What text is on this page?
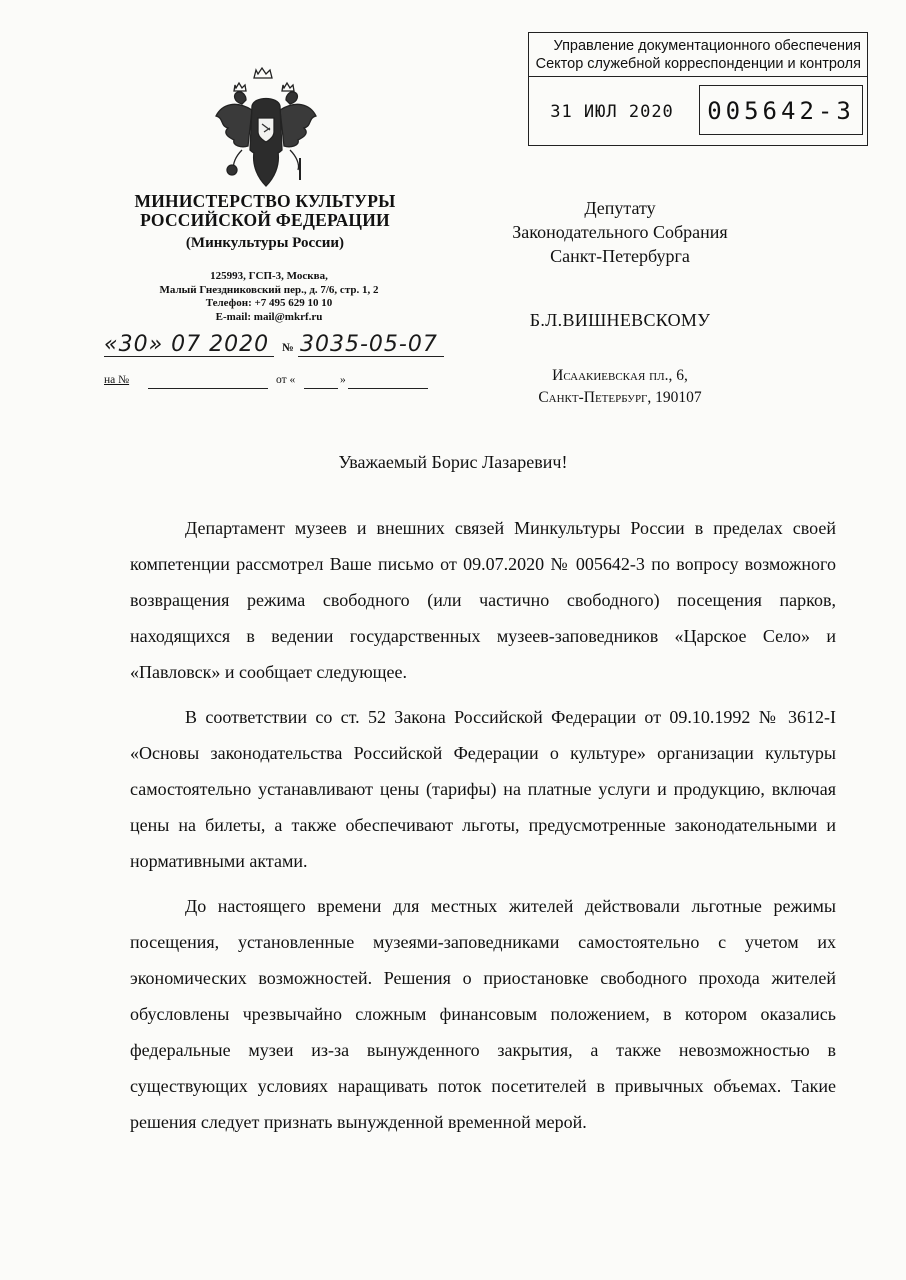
МИНИСТЕРСТВО КУЛЬТУРЫ
РОССИЙСКОЙ ФЕДЕРАЦИИ
(Минкультуры России)
125993, ГСП-3, Москва,
Малый Гнездниковский пер., д. 7/6, стр. 1, 2
Телефон: +7 495 629 10 10
E-mail: mail@mkrf.ru
«30» 07 2020 № 3035-05-07
на №	от «	»
Управление документационного обеспечения
Сектор служебной корреспонденции и контроля
31 ИЮЛ 2020	005642-3
Депутату
Законодательного Собрания
Санкт-Петербурга
Б.Л.ВИШНЕВСКОМУ
Исаакиевская пл., 6,
Санкт-Петербург, 190107
Уважаемый Борис Лазаревич!

Департамент музеев и внешних связей Минкультуры России в пределах своей компетенции рассмотрел Ваше письмо от 09.07.2020 № 005642-3 по вопросу возможного возвращения режима свободного (или частично свободного) посещения парков, находящихся в ведении государственных музеев-заповедников «Царское Село» и «Павловск» и сообщает следующее.

В соответствии со ст. 52 Закона Российской Федерации от 09.10.1992 № 3612-I «Основы законодательства Российской Федерации о культуре» организации культуры самостоятельно устанавливают цены (тарифы) на платные услуги и продукцию, включая цены на билеты, а также обеспечивают льготы, предусмотренные законодательными и нормативными актами.

До настоящего времени для местных жителей действовали льготные режимы посещения, установленные музеями-заповедниками самостоятельно с учетом их экономических возможностей. Решения о приостановке свободного прохода жителей обусловлены чрезвычайно сложным финансовым положением, в котором оказались федеральные музеи из-за вынужденного закрытия, а также невозможностью в существующих условиях наращивать поток посетителей в привычных объемах. Такие решения следует признать вынужденной временной мерой.
